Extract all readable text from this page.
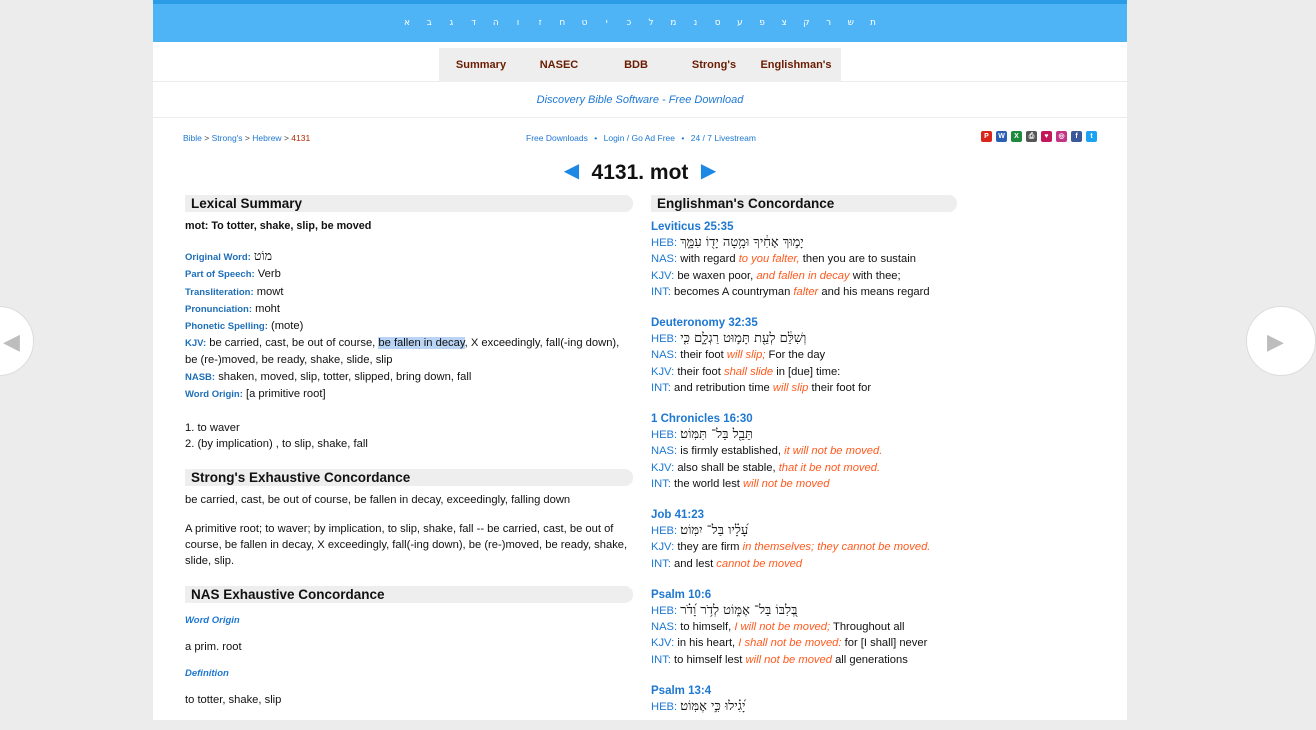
◀	▶
ת
ש
ר
ק
צ
פ
ע
ס
נ
מ
ל
כ
י
ט
ח
ז
ו
ה
ד
ג
ב
א
Summary	NASEC	BDB	Strong's	Englishman's
Discovery Bible Software - Free Download
Bible > Strong's > Hebrew > 4131	Free Downloads • Login / Go Ad Free • 24 / 7 Livestream	P	W	X	⎙	♥	◎	f	t
◀ 4131. mot ▶
Lexical Summary
mot: To totter, shake, slip, be moved
Original Word: מוֹט
Part of Speech: Verb
Transliteration: mowt
Pronunciation: moht
Phonetic Spelling: (mote)
KJV: be carried, cast, be out of course, be fallen in decay, X exceedingly, fall(-ing down), be (re-)moved, be ready, shake, slide, slip
NASB: shaken, moved, slip, totter, slipped, bring down, fall
Word Origin: [a primitive root]
1. to waver
2. (by implication) , to slip, shake, fall
Strong's Exhaustive Concordance
be carried, cast, be out of course, be fallen in decay, exceedingly, falling down
A primitive root; to waver; by implication, to slip, shake, fall -- be carried, cast, be out of course, be fallen in decay, X exceedingly, fall(-ing down), be (re-)moved, be ready, shake, slide, slip.
NAS Exhaustive Concordance
Word Origin
a prim. root
Definition
to totter, shake, slip
Englishman's Concordance
Leviticus 25:35
HEB: יָמ֣וּךְ אָחִ֔יךָ וּמָ֥טָה יָד֖וֹ עִמָּ֑ךְ
NAS: with regard to you falter, then you are to sustain
KJV: be waxen poor, and fallen in decay with thee;
INT: becomes A countryman falter and his means regard
Deuteronomy 32:35
HEB: וְשִׁלֵּ֔ם לְעֵ֖ת תָּמ֣וּט רַגְלָ֑ם כִּ֤י
NAS: their foot will slip; For the day
KJV: their foot shall slide in [due] time:
INT: and retribution time will slip their foot for
1 Chronicles 16:30
HEB: תֵּבֵ֖ל בַּל־ תִּמּֽוֹט׃
NAS: is firmly established, it will not be moved.
KJV: also shall be stable, that it be not moved.
INT: the world lest will not be moved
Job 41:23
HEB: עָ֝לָ֗יו בַּל־ יִמּֽוֹט׃
KJV: they are firm in themselves; they cannot be moved.
INT: and lest cannot be moved
Psalm 10:6
HEB: בְּ֭לִבּוֹ בַּל־ אֶמּ֑וֹט לְדֹ֥ר וָ֝דֹ֗ר
NAS: to himself, I will not be moved; Throughout all
KJV: in his heart, I shall not be moved: for [I shall] never
INT: to himself lest will not be moved all generations
Psalm 13:4
HEB: יָ֝גִ֗ילוּ כִּ֣י אֶמּֽוֹט׃
